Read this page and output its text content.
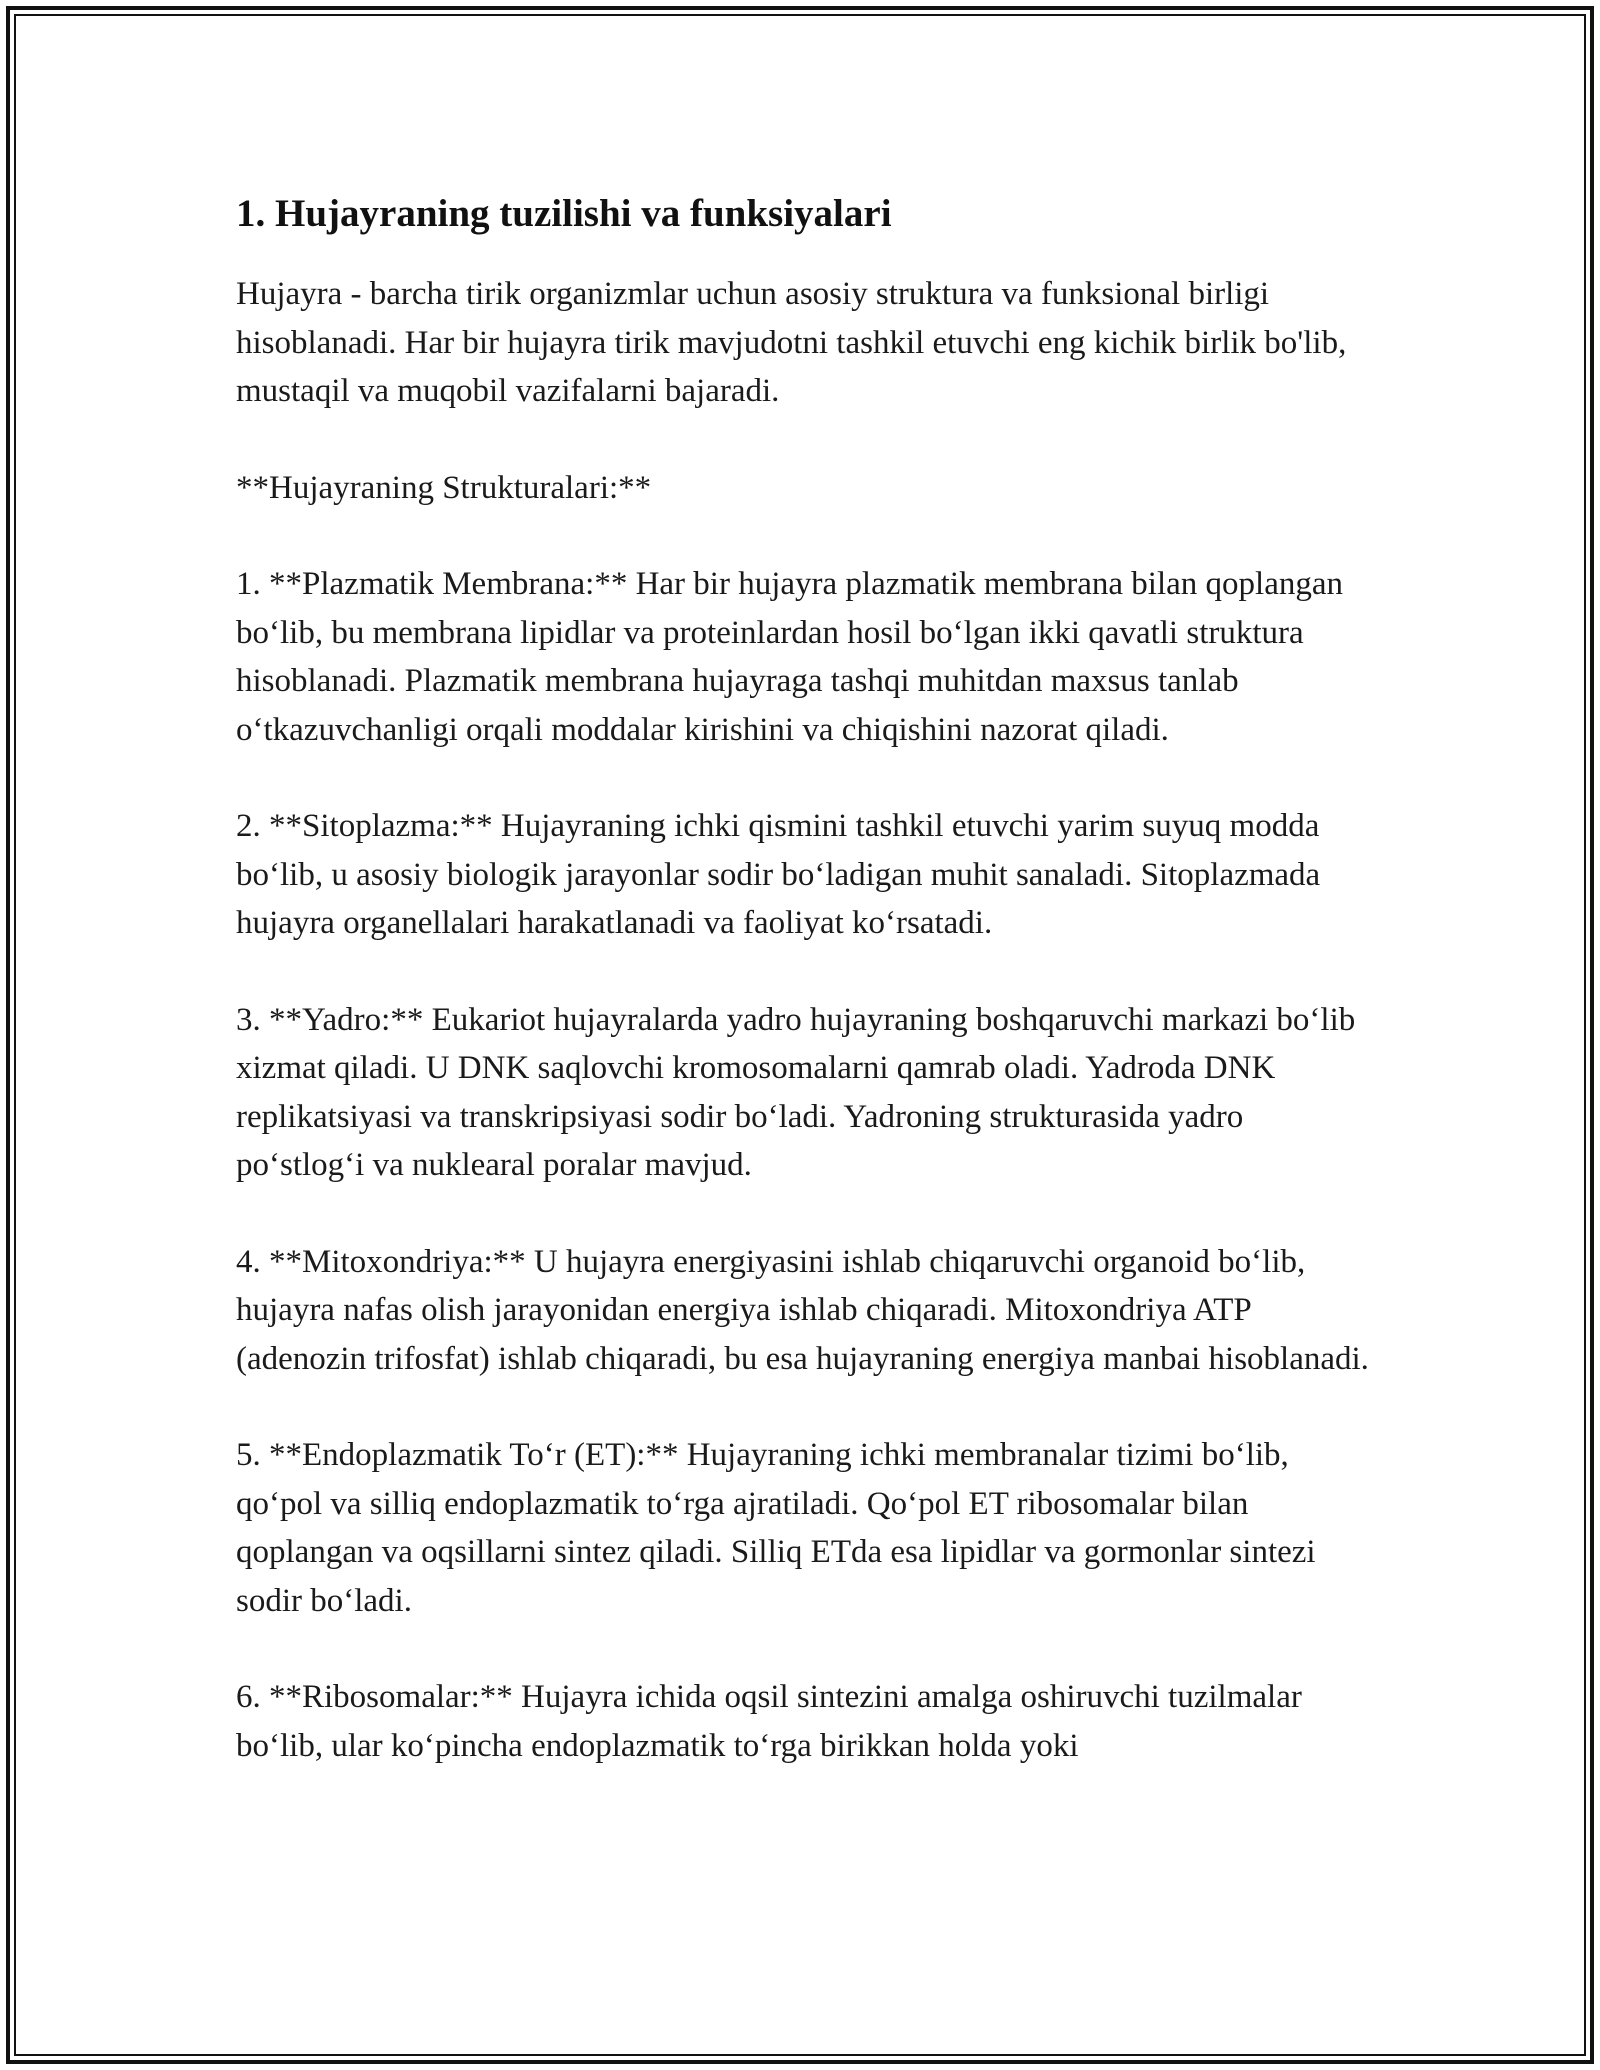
1. Hujayraning tuzilishi va funksiyalari

Hujayra - barcha tirik organizmlar uchun asosiy struktura va funksional birligi hisoblanadi. Har bir hujayra tirik mavjudotni tashkil etuvchi eng kichik birlik bo'lib, mustaqil va muqobil vazifalarni bajaradi.

**Hujayraning Strukturalari:**

1. **Plazmatik Membrana:** Har bir hujayra plazmatik membrana bilan qoplangan bo‘lib, bu membrana lipidlar va proteinlardan hosil bo‘lgan ikki qavatli struktura hisoblanadi. Plazmatik membrana hujayraga tashqi muhitdan maxsus tanlab o‘tkazuvchanligi orqali moddalar kirishini va chiqishini nazorat qiladi.

2. **Sitoplazma:** Hujayraning ichki qismini tashkil etuvchi yarim suyuq modda bo‘lib, u asosiy biologik jarayonlar sodir bo‘ladigan muhit sanaladi. Sitoplazmada hujayra organellalari harakatlanadi va faoliyat ko‘rsatadi.

3. **Yadro:** Eukariot hujayralarda yadro hujayraning boshqaruvchi markazi bo‘lib xizmat qiladi. U DNK saqlovchi kromosomalarni qamrab oladi. Yadroda DNK replikatsiyasi va transkripsiyasi sodir bo‘ladi. Yadroning strukturasida yadro po‘stlog‘i va nuklearal poralar mavjud.

4. **Mitoxondriya:** U hujayra energiyasini ishlab chiqaruvchi organoid bo‘lib, hujayra nafas olish jarayonidan energiya ishlab chiqaradi. Mitoxondriya ATP (adenozin trifosfat) ishlab chiqaradi, bu esa hujayraning energiya manbai hisoblanadi.

5. **Endoplazmatik To‘r (ET):** Hujayraning ichki membranalar tizimi bo‘lib, qo‘pol va silliq endoplazmatik to‘rga ajratiladi. Qo‘pol ET ribosomalar bilan qoplangan va oqsillarni sintez qiladi. Silliq ETda esa lipidlar va gormonlar sintezi sodir bo‘ladi.

6. **Ribosomalar:** Hujayra ichida oqsil sintezini amalga oshiruvchi tuzilmalar bo‘lib, ular ko‘pincha endoplazmatik to‘rga birikkan holda yoki
